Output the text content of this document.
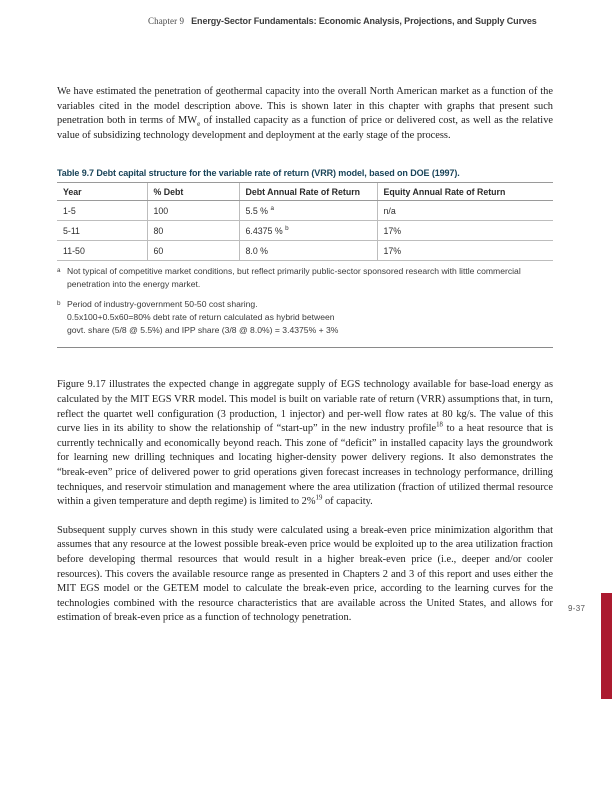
Chapter 9 Energy-Sector Fundamentals: Economic Analysis, Projections, and Supply Curves

We have estimated the penetration of geothermal capacity into the overall North American market as a function of the variables cited in the model description above. This is shown later in this chapter with graphs that present such penetration both in terms of $MW_e$ of installed capacity as a function of price or delivered cost, as well as the relative value of subsidizing technology development and deployment at the early stage of the process.

Table 9.7 Debt capital structure for the variable rate of return (VRR) model, based on DOE (1997).
Year	% Debt	Debt Annual Rate of Return	Equity Annual Rate of Return
1-5	100	5.5 % $^a$	n/a
5-11	80	6.4375 % $^b$	17%
11-50	60	8.0 %	17%
a Not typical of competitive market conditions, but reflect primarily public-sector sponsored research with little commercial penetration into the energy market.
b Period of industry-government 50-50 cost sharing.
0.5x100+0.5x60=80% debt rate of return calculated as hybrid between
govt. share (5/8 @ 5.5%) and IPP share (3/8 @ 8.0%) = 3.4375% + 3%

Figure 9.17 illustrates the expected change in aggregate supply of EGS technology available for base-load energy as calculated by the MIT EGS VRR model. This model is built on variable rate of return (VRR) assumptions that, in turn, reflect the quartet well configuration (3 production, 1 injector) and per-well flow rates at 80 kg/s. The value of this curve lies in its ability to show the relationship of “start-up” in the new industry profile$^{18}$ to a heat resource that is currently technically and economically beyond reach. This zone of “deficit” in installed capacity lays the groundwork for learning new drilling techniques and locating higher-density power delivery regions. It also demonstrates the “break-even” price of delivered power to grid operations given forecast increases in technology performance, drilling techniques, and reservoir stimulation and management where the area utilization (fraction of utilized thermal resource within a given temperature and depth regime) is limited to 2%$^{19}$ of capacity.

Subsequent supply curves shown in this study were calculated using a break-even price minimization algorithm that assumes that any resource at the lowest possible break-even price would be exploited up to the area utilization fraction before developing thermal resources that would result in a higher break-even price (i.e., deeper and/or cooler resources). This covers the available resource range as presented in Chapters 2 and 3 of this report and uses either the MIT EGS model or the GETEM model to calculate the break-even price, according to the learning curves for the technologies combined with the resource characteristics that are available across the United States, and allows for estimation of break-even price as a function of technology penetration.

9-37
